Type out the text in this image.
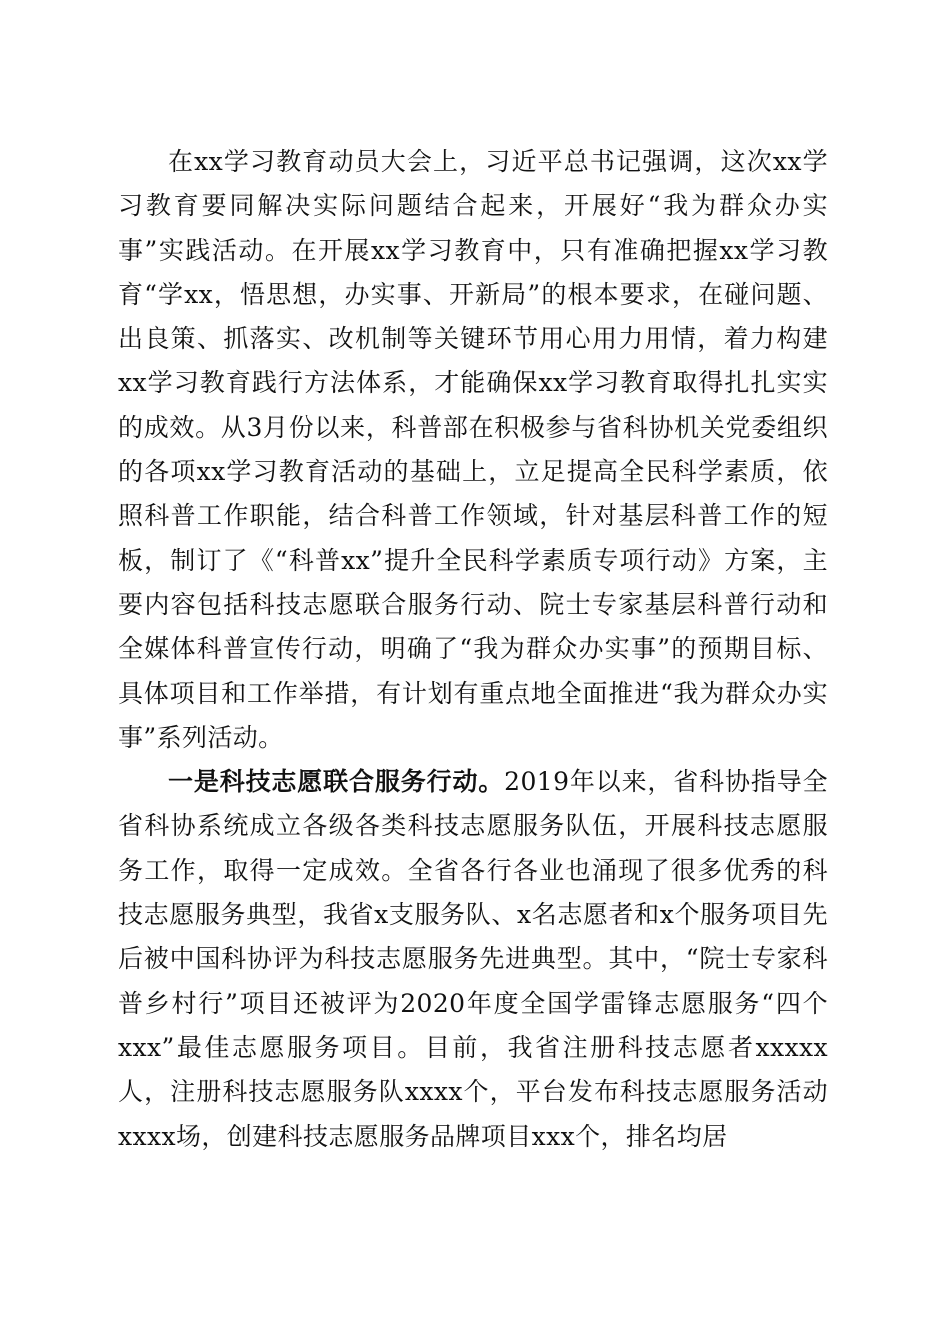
在xx学习教育动员大会上，习近平总书记强调，这次xx学习教育要同解决实际问题结合起来，开展好“我为群众办实事”实践活动。在开展xx学习教育中，只有准确把握xx学习教育“学xx，悟思想，办实事、开新局”的根本要求，在碰问题、出良策、抓落实、改机制等关键环节用心用力用情，着力构建xx学习教育践行方法体系，才能确保xx学习教育取得扎扎实实的成效。从3月份以来，科普部在积极参与省科协机关党委组织的各项xx学习教育活动的基础上，立足提高全民科学素质，依照科普工作职能，结合科普工作领域，针对基层科普工作的短板，制订了《“科普xx”提升全民科学素质专项行动》方案，主要内容包括科技志愿联合服务行动、院士专家基层科普行动和全媒体科普宣传行动，明确了“我为群众办实事”的预期目标、具体项目和工作举措，有计划有重点地全面推进“我为群众办实事”系列活动。

一是科技志愿联合服务行动。2019年以来，省科协指导全省科协系统成立各级各类科技志愿服务队伍，开展科技志愿服务工作，取得一定成效。全省各行各业也涌现了很多优秀的科技志愿服务典型，我省x支服务队、x名志愿者和x个服务项目先后被中国科协评为科技志愿服务先进典型。其中，“院士专家科普乡村行”项目还被评为2020年度全国学雷锋志愿服务“四个xxx”最佳志愿服务项目。目前，我省注册科技志愿者xxxxx人，注册科技志愿服务队xxxx个，平台发布科技志愿服务活动xxxx场，创建科技志愿服务品牌项目xxx个，排名均居
